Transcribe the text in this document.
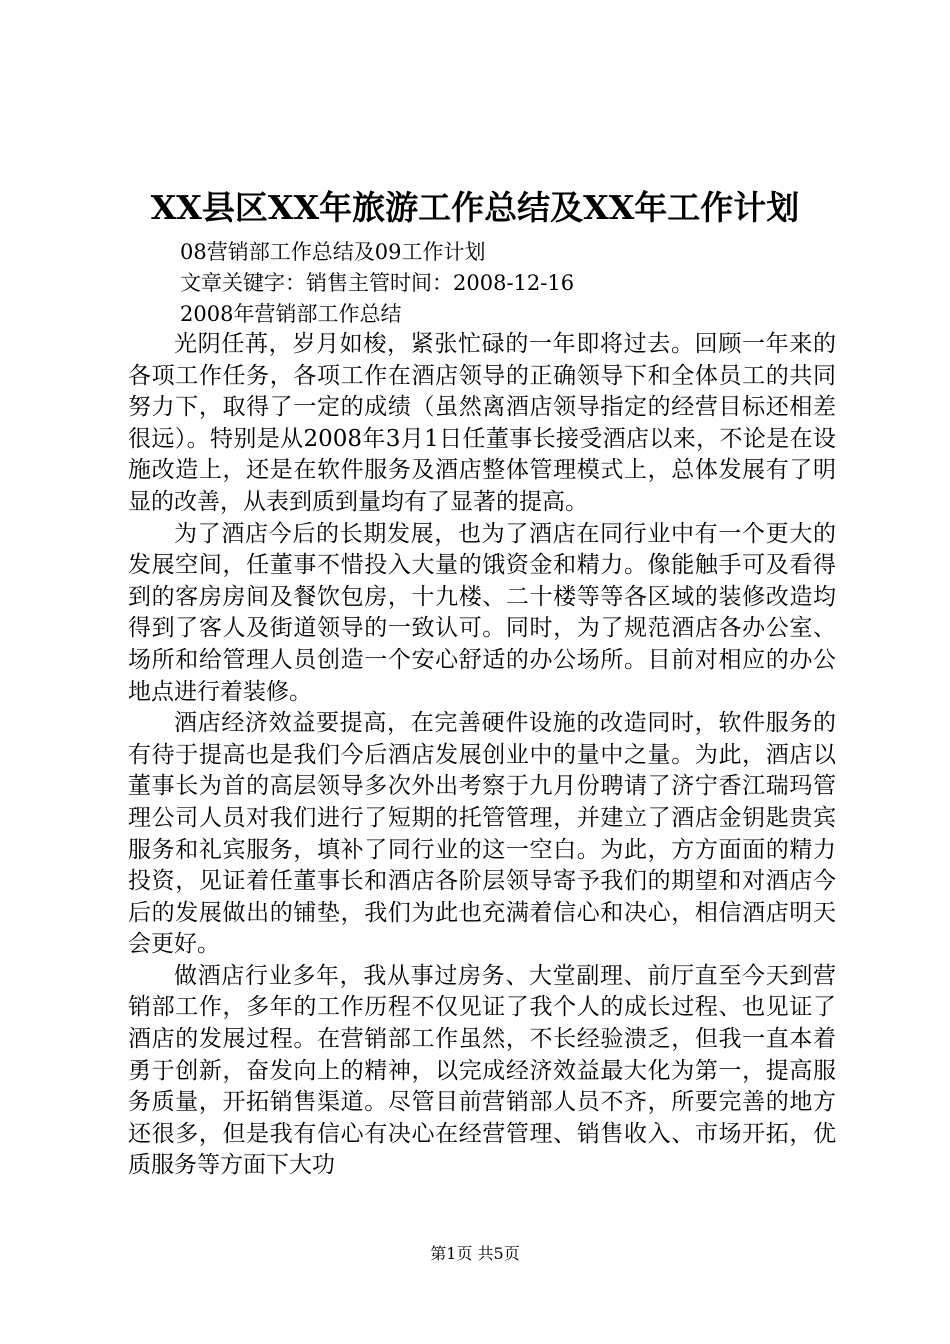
XX县区XX年旅游工作总结及XX年工作计划
08营销部工作总结及09工作计划
文章关键字：销售主管时间：2008-12-16
2008年营销部工作总结

光阴任苒，岁月如梭，紧张忙碌的一年即将过去。回顾一年来的各项工作任务，各项工作在酒店领导的正确领导下和全体员工的共同努力下，取得了一定的成绩（虽然离酒店领导指定的经营目标还相差很远）。特别是从2008年3月1日任董事长接受酒店以来，不论是在设施改造上，还是在软件服务及酒店整体管理模式上，总体发展有了明显的改善，从表到质到量均有了显著的提高。

为了酒店今后的长期发展，也为了酒店在同行业中有一个更大的发展空间，任董事不惜投入大量的饿资金和精力。像能触手可及看得到的客房房间及餐饮包房，十九楼、二十楼等等各区域的装修改造均得到了客人及街道领导的一致认可。同时，为了规范酒店各办公室、场所和给管理人员创造一个安心舒适的办公场所。目前对相应的办公地点进行着装修。

酒店经济效益要提高，在完善硬件设施的改造同时，软件服务的有待于提高也是我们今后酒店发展创业中的量中之量。为此，酒店以董事长为首的高层领导多次外出考察于九月份聘请了济宁香江瑞玛管理公司人员对我们进行了短期的托管管理，并建立了酒店金钥匙贵宾服务和礼宾服务，填补了同行业的这一空白。为此，方方面面的精力投资，见证着任董事长和酒店各阶层领导寄予我们的期望和对酒店今后的发展做出的铺垫，我们为此也充满着信心和决心，相信酒店明天会更好。

做酒店行业多年，我从事过房务、大堂副理、前厅直至今天到营销部工作，多年的工作历程不仅见证了我个人的成长过程、也见证了酒店的发展过程。在营销部工作虽然，不长经验溃乏，但我一直本着勇于创新，奋发向上的精神，以完成经济效益最大化为第一，提高服务质量，开拓销售渠道。尽管目前营销部人员不齐，所要完善的地方还很多，但是我有信心有决心在经营管理、销售收入、市场开拓，优质服务等方面下大功

第1页 共5页
